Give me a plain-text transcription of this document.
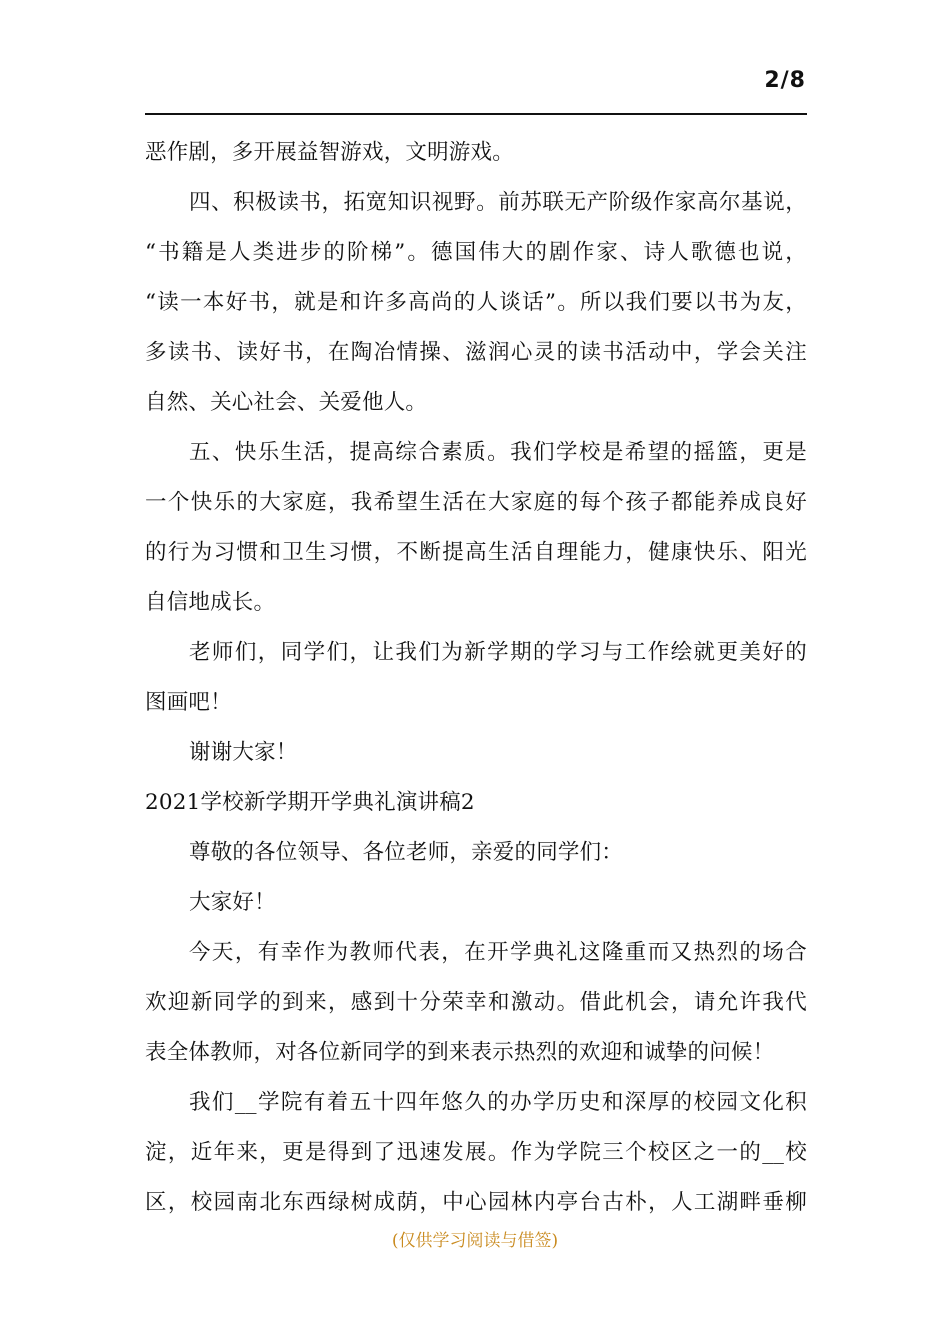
2/8
恶作剧，多开展益智游戏，文明游戏。
四、积极读书，拓宽知识视野。前苏联无产阶级作家高尔基说，
“书籍是人类进步的阶梯”。德国伟大的剧作家、诗人歌德也说，
“读一本好书，就是和许多高尚的人谈话”。所以我们要以书为友，
多读书、读好书，在陶冶情操、滋润心灵的读书活动中，学会关注
自然、关心社会、关爱他人。
五、快乐生活，提高综合素质。我们学校是希望的摇篮，更是
一个快乐的大家庭，我希望生活在大家庭的每个孩子都能养成良好
的行为习惯和卫生习惯，不断提高生活自理能力，健康快乐、阳光
自信地成长。
老师们，同学们，让我们为新学期的学习与工作绘就更美好的
图画吧！
谢谢大家！
2021学校新学期开学典礼演讲稿2
尊敬的各位领导、各位老师，亲爱的同学们：
大家好！
今天，有幸作为教师代表，在开学典礼这隆重而又热烈的场合
欢迎新同学的到来，感到十分荣幸和激动。借此机会，请允许我代
表全体教师，对各位新同学的到来表示热烈的欢迎和诚挚的问候！
我们__学院有着五十四年悠久的办学历史和深厚的校园文化积
淀，近年来，更是得到了迅速发展。作为学院三个校区之一的__校
区，校园南北东西绿树成荫，中心园林内亭台古朴，人工湖畔垂柳
(仅供学习阅读与借签)
